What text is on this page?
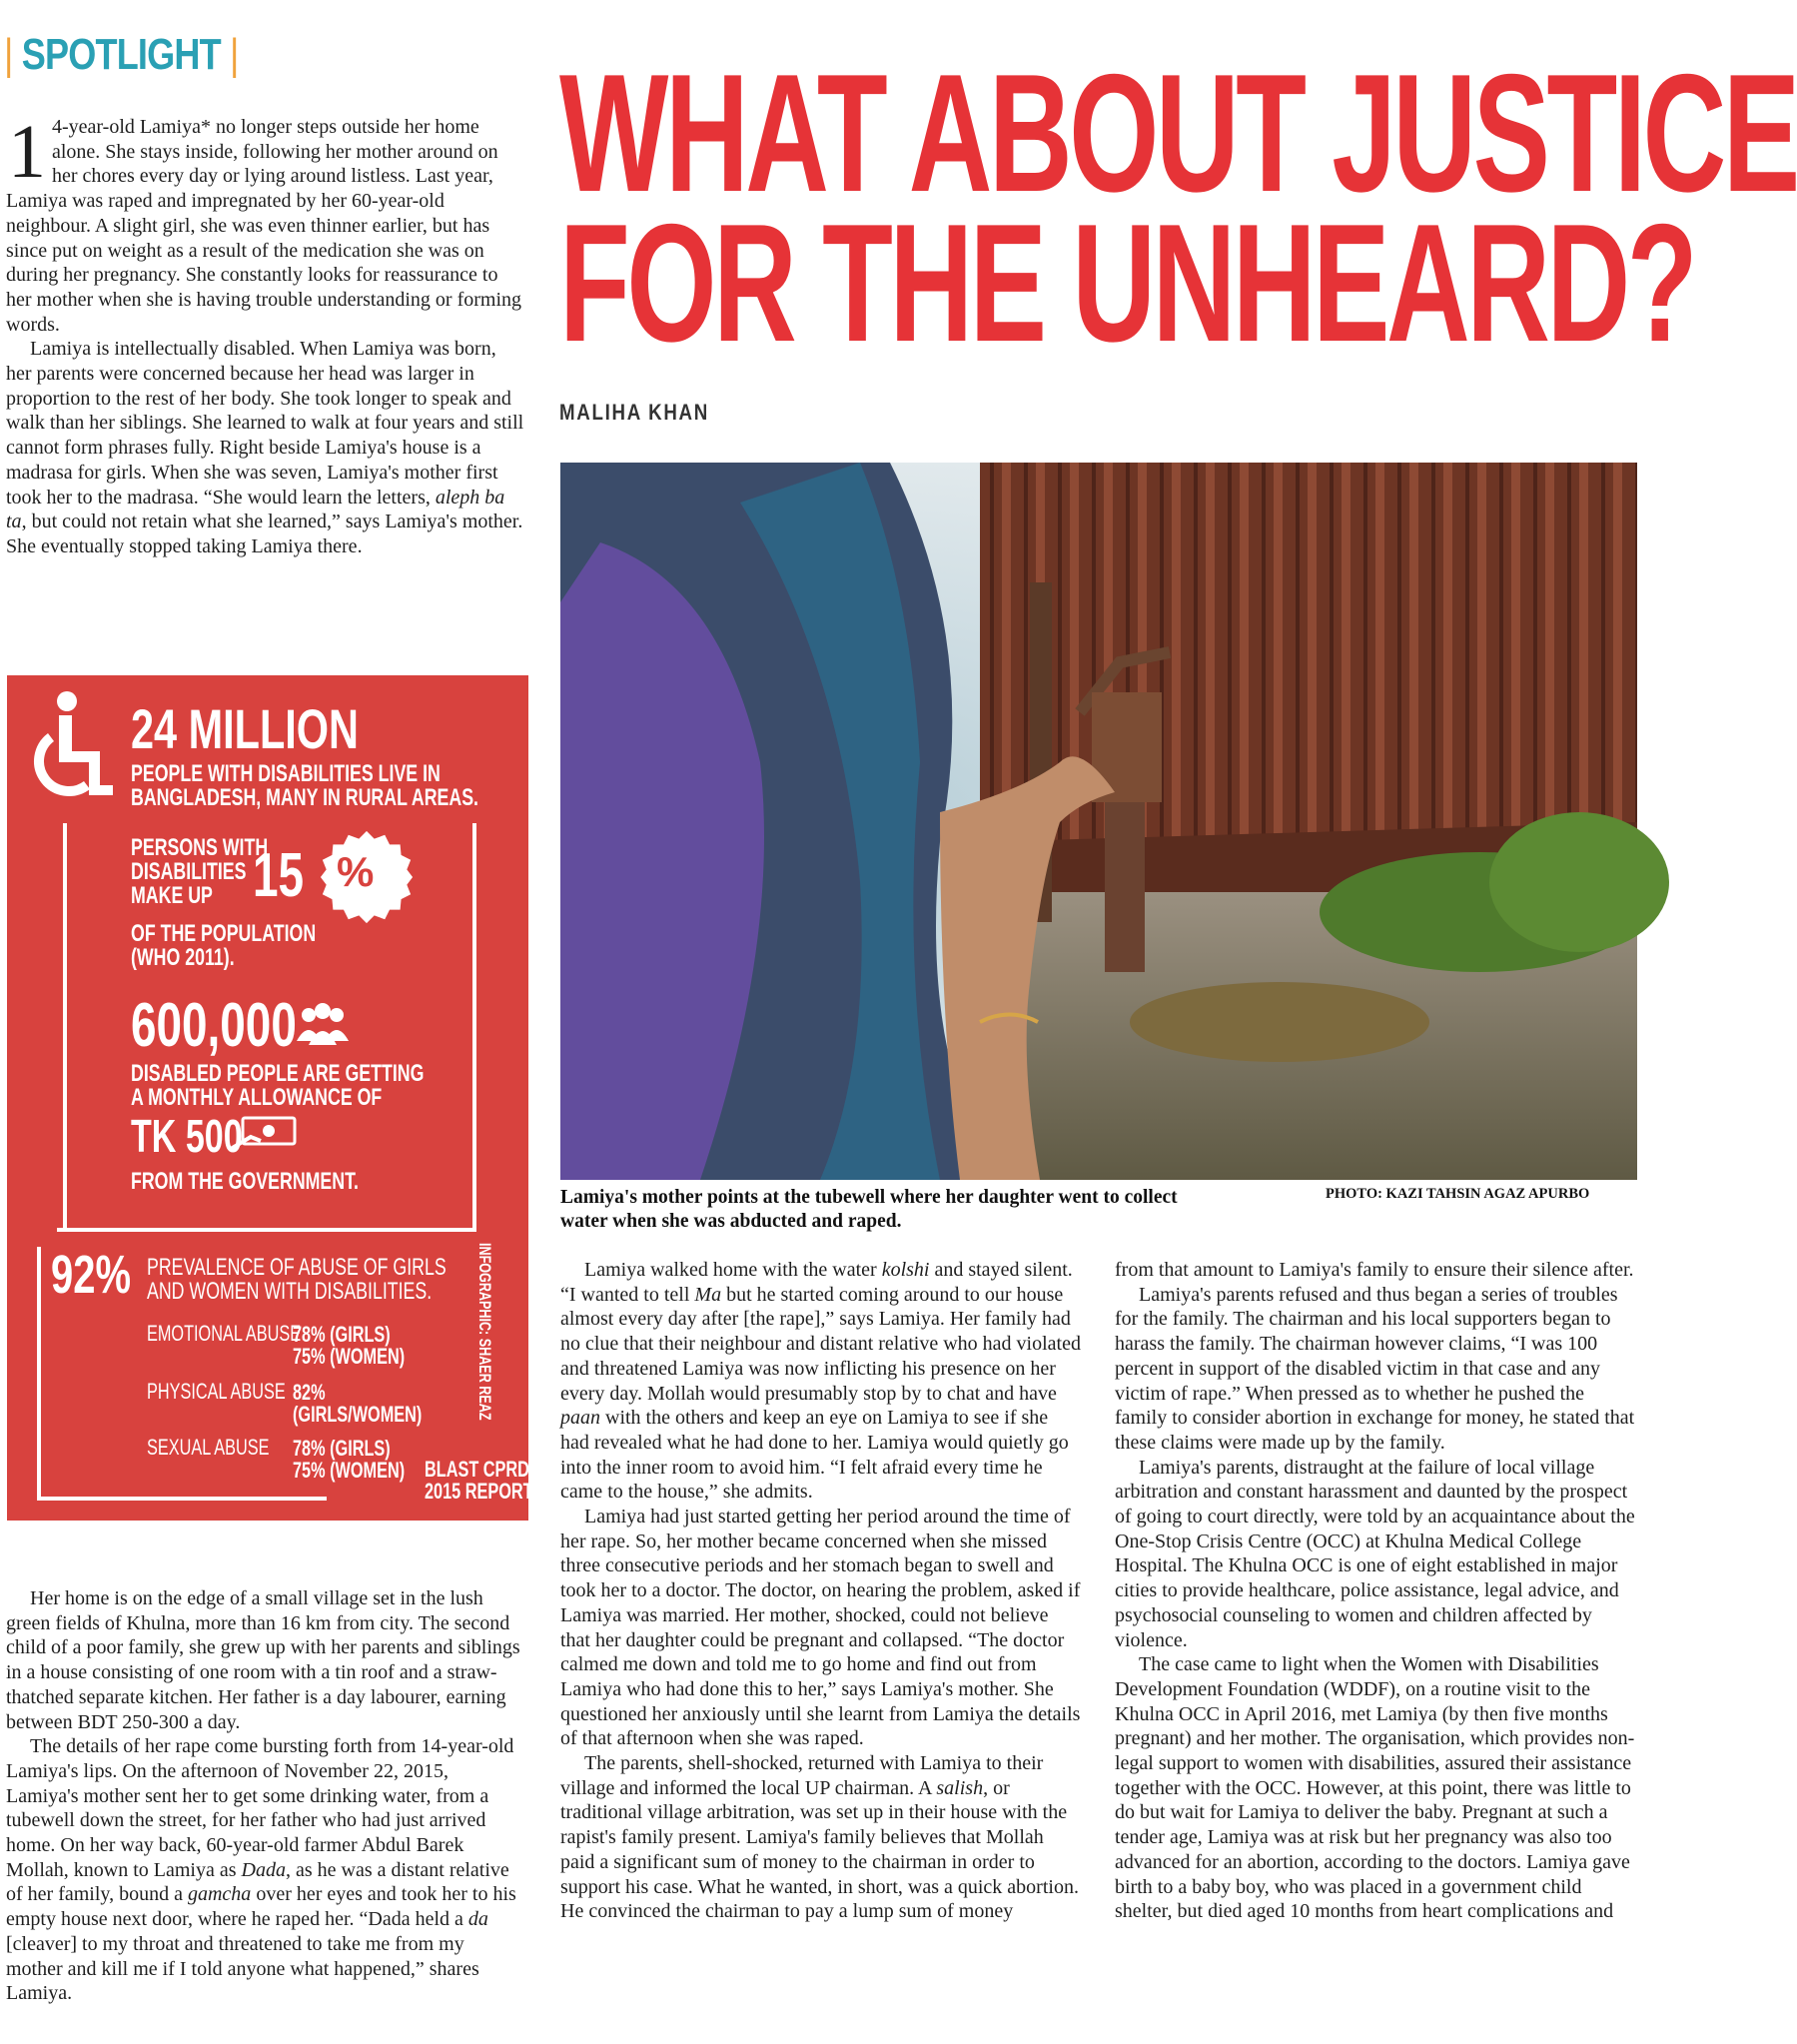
| SPOTLIGHT | WHAT ABOUT JUSTICE
FOR THE UNHEARD?
MALIHA KHAN

1 4-year-old Lamiya* no longer steps outside her home alone. She stays inside, following her mother around on her chores every day or lying around listless. Last year, Lamiya was raped and impregnated by her 60-year-old neighbour. A slight girl, she was even thinner earlier, but has since put on weight as a result of the medication she was on during her pregnancy. She constantly looks for reassurance to her mother when she is having trouble understanding or forming words.

Lamiya is intellectually disabled. When Lamiya was born, her parents were concerned because her head was larger in proportion to the rest of her body. She took longer to speak and walk than her siblings. She learned to walk at four years and still cannot form phrases fully. Right beside Lamiya's house is a madrasa for girls. When she was seven, Lamiya's mother first took her to the madrasa. “She would learn the letters, aleph ba ta, but could not retain what she learned,” says Lamiya's mother. She eventually stopped taking Lamiya there.

24 MILLION
PEOPLE WITH DISABILITIES LIVE IN
BANGLADESH, MANY IN RURAL AREAS.
PERSONS WITH
DISABILITIES
MAKE UP 15 %
OF THE POPULATION
(WHO 2011).
600,000
DISABLED PEOPLE ARE GETTING
A MONTHLY ALLOWANCE OF
TK 500
FROM THE GOVERNMENT.
92% PREVALENCE OF ABUSE OF GIRLS
AND WOMEN WITH DISABILITIES.
EMOTIONAL ABUSE
78% (GIRLS)
75% (WOMEN)
PHYSICAL ABUSE 82%
(GIRLS/WOMEN)
SEXUAL ABUSE 78% (GIRLS)
75% (WOMEN) BLAST CPRD
2015 REPORT
INFOGRAPHIC: SHAER REAZ
Lamiya's mother points at the tubewell where her daughter went to collect water when she was abducted and raped.
PHOTO: KAZI TAHSIN AGAZ APURBO

Her home is on the edge of a small village set in the lush green fields of Khulna, more than 16 km from city. The second child of a poor family, she grew up with her parents and siblings in a house consisting of one room with a tin roof and a straw-thatched separate kitchen. Her father is a day labourer, earning between BDT 250-300 a day.

The details of her rape come bursting forth from 14-year-old Lamiya's lips. On the afternoon of November 22, 2015, Lamiya's mother sent her to get some drinking water, from a tubewell down the street, for her father who had just arrived home. On her way back, 60-year-old farmer Abdul Barek Mollah, known to Lamiya as Dada, as he was a distant relative of her family, bound a gamcha over her eyes and took her to his empty house next door, where he raped her. “Dada held a da [cleaver] to my throat and threatened to take me from my mother and kill me if I told anyone what happened,” shares Lamiya.

Lamiya walked home with the water kolshi and stayed silent. “I wanted to tell Ma but he started coming around to our house almost every day after [the rape],” says Lamiya. Her family had no clue that their neighbour and distant relative who had violated and threatened Lamiya was now inflicting his presence on her every day. Mollah would presumably stop by to chat and have paan with the others and keep an eye on Lamiya to see if she had revealed what he had done to her. Lamiya would quietly go into the inner room to avoid him. “I felt afraid every time he came to the house,” she admits.

Lamiya had just started getting her period around the time of her rape. So, her mother became concerned when she missed three consecutive periods and her stomach began to swell and took her to a doctor. The doctor, on hearing the problem, asked if Lamiya was married. Her mother, shocked, could not believe that her daughter could be pregnant and collapsed. “The doctor calmed me down and told me to go home and find out from Lamiya who had done this to her,” says Lamiya's mother. She questioned her anxiously until she learnt from Lamiya the details of that afternoon when she was raped.

The parents, shell-shocked, returned with Lamiya to their village and informed the local UP chairman. A salish, or traditional village arbitration, was set up in their house with the rapist's family present. Lamiya's family believes that Mollah paid a significant sum of money to the chairman in order to support his case. What he wanted, in short, was a quick abortion. He convinced the chairman to pay a lump sum of money

from that amount to Lamiya's family to ensure their silence after.

Lamiya's parents refused and thus began a series of troubles for the family. The chairman and his local supporters began to harass the family. The chairman however claims, “I was 100 percent in support of the disabled victim in that case and any victim of rape.” When pressed as to whether he pushed the family to consider abortion in exchange for money, he stated that these claims were made up by the family.

Lamiya's parents, distraught at the failure of local village arbitration and constant harassment and daunted by the prospect of going to court directly, were told by an acquaintance about the One-Stop Crisis Centre (OCC) at Khulna Medical College Hospital. The Khulna OCC is one of eight established in major cities to provide healthcare, police assistance, legal advice, and psychosocial counseling to women and children affected by violence.

The case came to light when the Women with Disabilities Development Foundation (WDDF), on a routine visit to the Khulna OCC in April 2016, met Lamiya (by then five months pregnant) and her mother. The organisation, which provides non-legal support to women with disabilities, assured their assistance together with the OCC. However, at this point, there was little to do but wait for Lamiya to deliver the baby. Pregnant at such a tender age, Lamiya was at risk but her pregnancy was also too advanced for an abortion, according to the doctors. Lamiya gave birth to a baby boy, who was placed in a government child shelter, but died aged 10 months from heart complications and
